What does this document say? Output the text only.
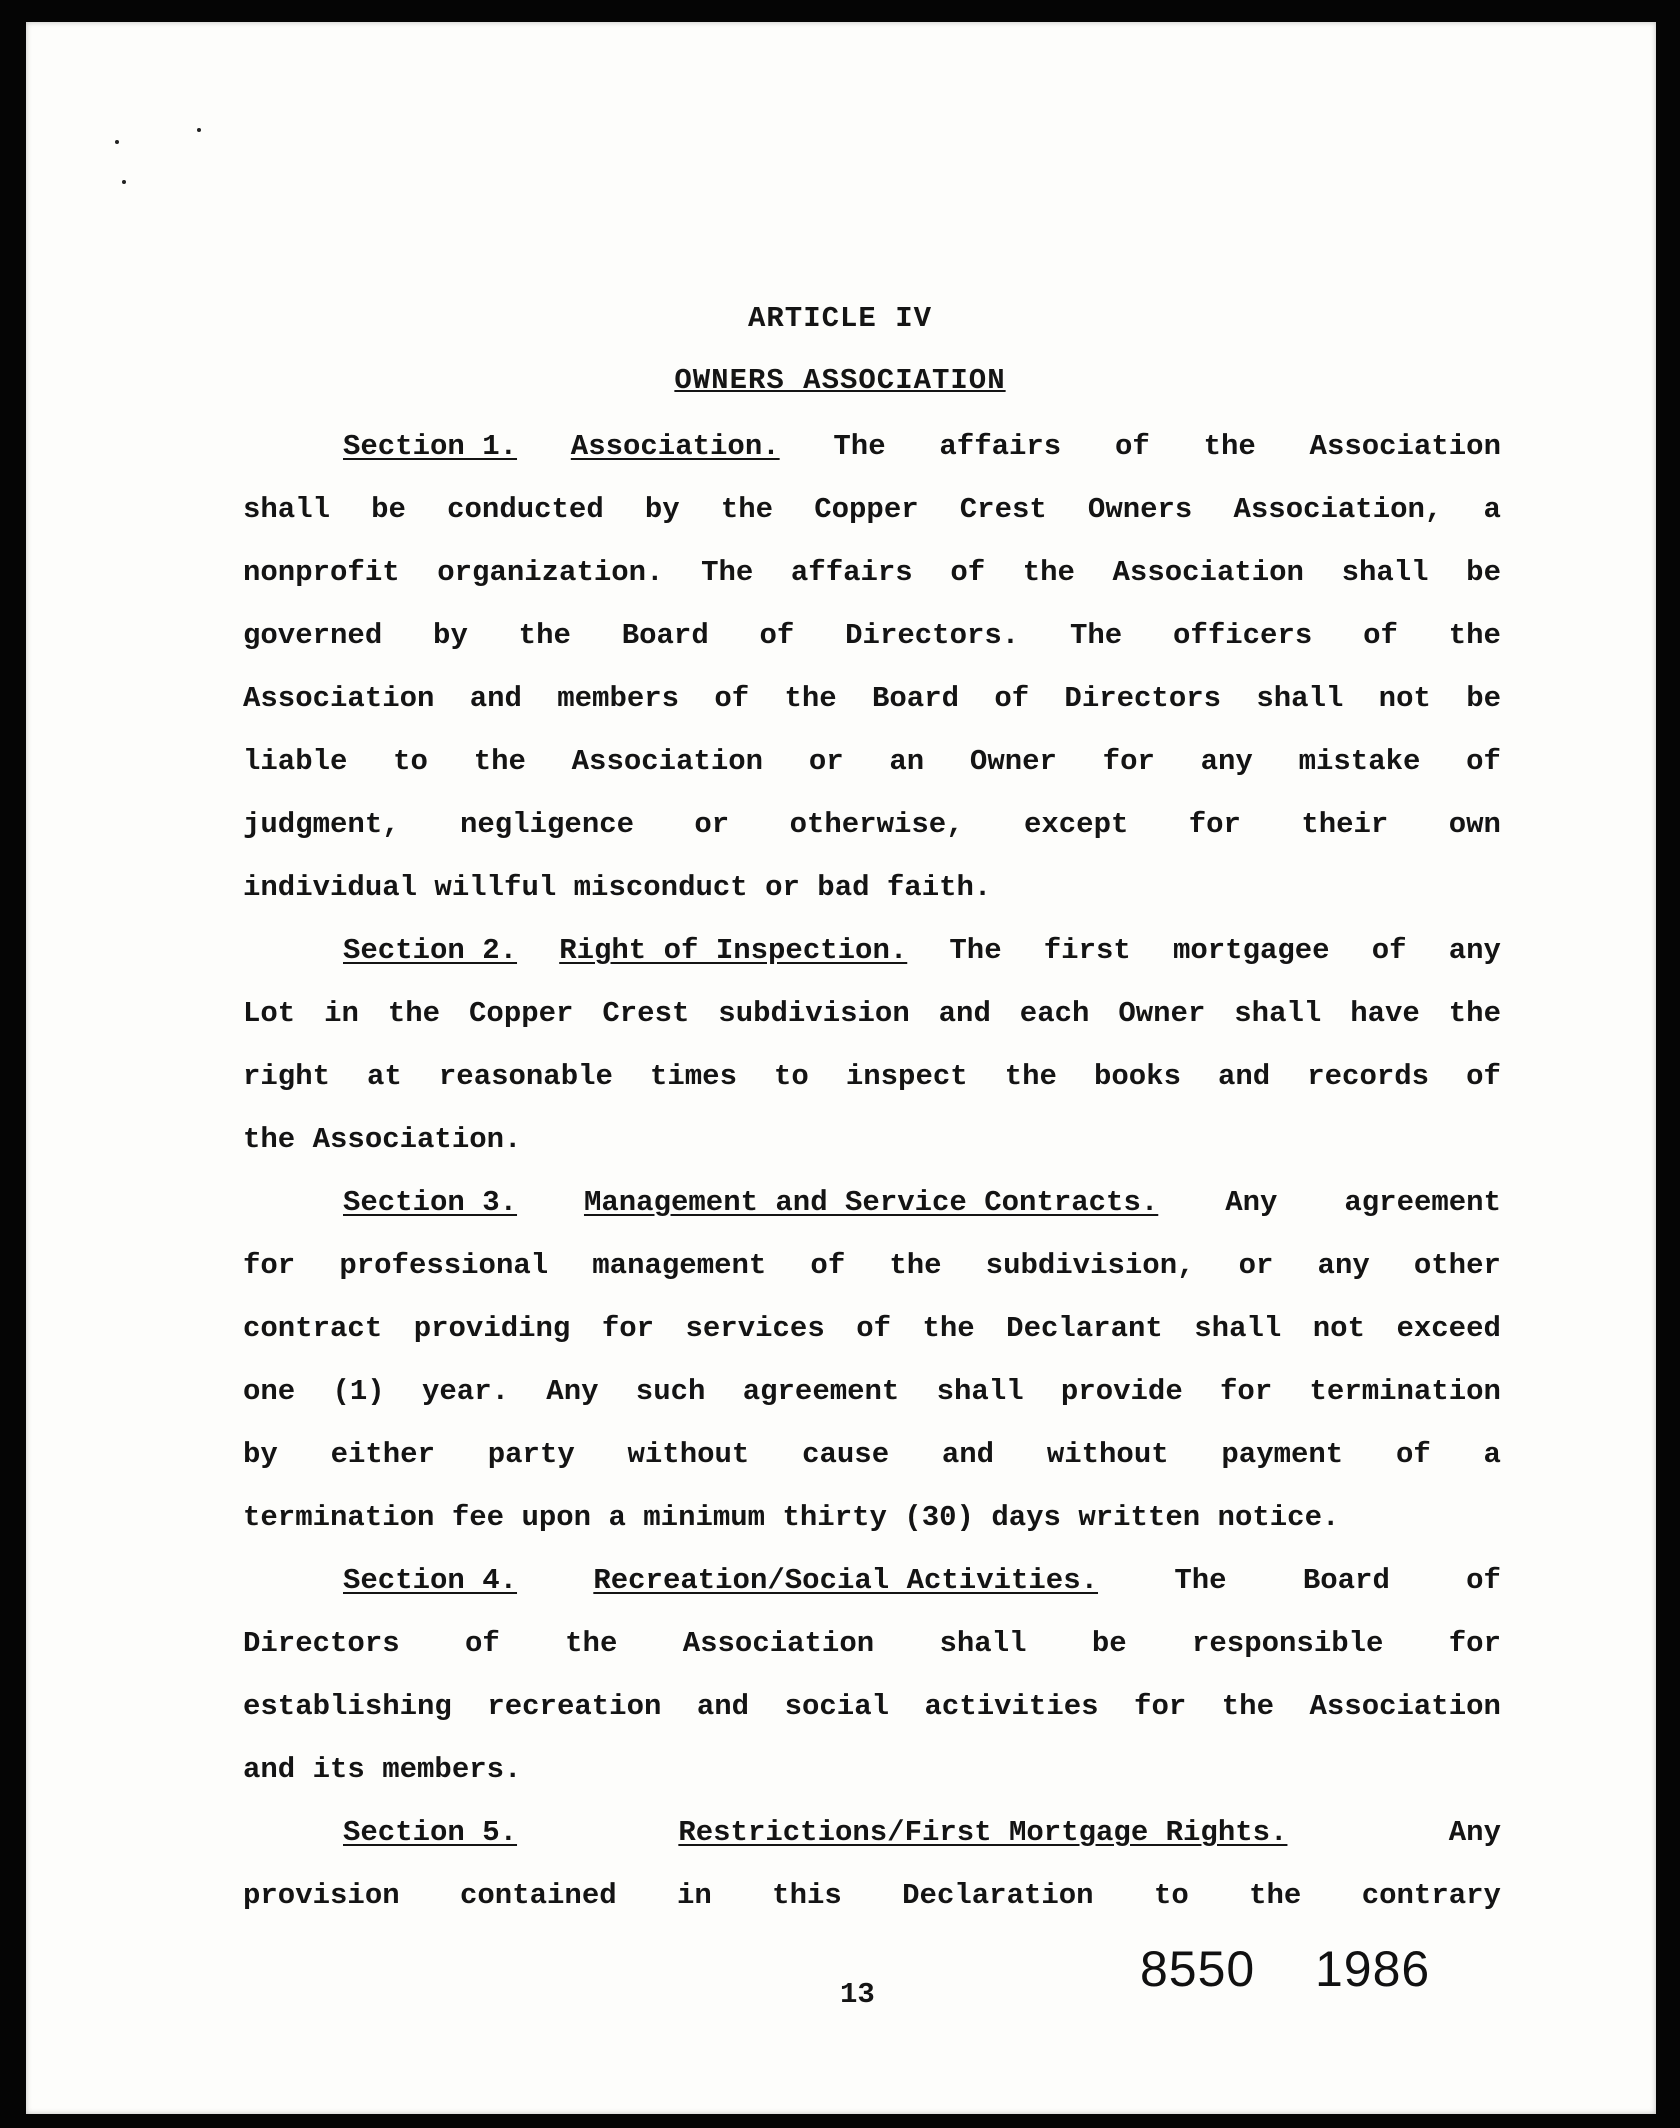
ARTICLE IV
OWNERS ASSOCIATION
Section 1. Association. The affairs of the Association
shall be conducted by the Copper Crest Owners Association, a
nonprofit organization. The affairs of the Association shall be
governed by the Board of Directors. The officers of the
Association and members of the Board of Directors shall not be
liable to the Association or an Owner for any mistake of
judgment, negligence or otherwise, except for their own
individual willful misconduct or bad faith.
Section 2. Right of Inspection. The first mortgagee of any
Lot in the Copper Crest subdivision and each Owner shall have the
right at reasonable times to inspect the books and records of
the Association.
Section 3. Management and Service Contracts. Any agreement
for professional management of the subdivision, or any other
contract providing for services of the Declarant shall not exceed
one (1) year. Any such agreement shall provide for termination
by either party without cause and without payment of a
termination fee upon a minimum thirty (30) days written notice.
Section 4.	Recreation/Social Activities.	The	Board	of
Directors of the Association shall be responsible for
establishing recreation and social activities for the Association
and its members.
Section 5.	Restrictions/First Mortgage Rights.	Any
provision contained in this Declaration to the contrary
13	8550 1986
